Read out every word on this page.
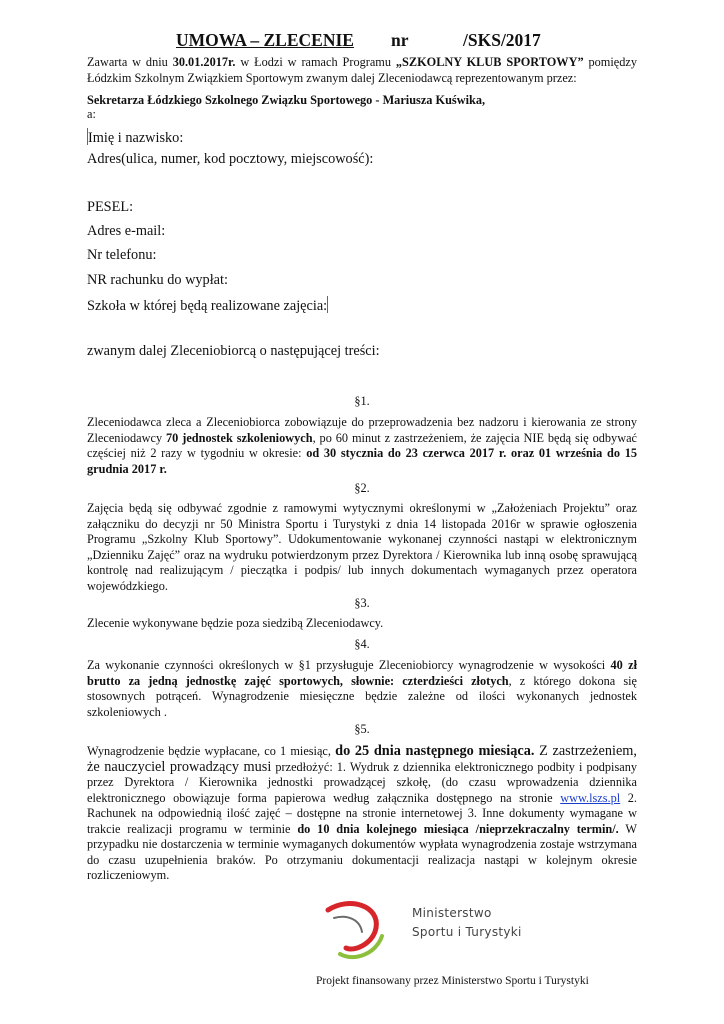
UMOWA – ZLECENIE nr	/SKS/2017

Zawarta w dniu 30.01.2017r. w Łodzi w ramach Programu „SZKOLNY KLUB SPORTOWY” pomiędzy Łódzkim Szkolnym Związkiem Sportowym zwanym dalej Zleceniodawcą reprezentowanym przez:

Sekretarza Łódzkiego Szkolnego Związku Sportowego - Mariusza Kuświka,

a:

Imię i nazwisko:
Adres(ulica, numer, kod pocztowy, miejscowość):
PESEL:
Adres e-mail:
Nr telefonu:
NR rachunku do wypłat:
Szkoła w której będą realizowane zajęcia:
zwanym dalej Zleceniobiorcą o następującej treści:
§1.

Zleceniodawca zleca a Zleceniobiorca zobowiązuje do przeprowadzenia bez nadzoru i kierowania ze strony Zleceniodawcy 70 jednostek szkoleniowych, po 60 minut z zastrzeżeniem, że zajęcia NIE będą się odbywać częściej niż 2 razy w tygodniu w okresie: od 30 stycznia do 23 czerwca 2017 r. oraz 01 września do 15 grudnia 2017 r.

§2.

Zajęcia będą się odbywać zgodnie z ramowymi wytycznymi określonymi w „Założeniach Projektu” oraz załączniku do decyzji nr 50 Ministra Sportu i Turystyki z dnia 14 listopada 2016r w sprawie ogłoszenia Programu „Szkolny Klub Sportowy”. Udokumentowanie wykonanej czynności nastąpi w elektronicznym „Dzienniku Zajęć” oraz na wydruku potwierdzonym przez Dyrektora / Kierownika lub inną osobę sprawującą kontrolę nad realizującym / pieczątka i podpis/ lub innych dokumentach wymaganych przez operatora wojewódzkiego.

§3.

Zlecenie wykonywane będzie poza siedzibą Zleceniodawcy.

§4.

Za wykonanie czynności określonych w §1 przysługuje Zleceniobiorcy wynagrodzenie w wysokości 40 zł brutto za jedną jednostkę zajęć sportowych, słownie: czterdzieści złotych, z którego dokona się stosownych potrąceń. Wynagrodzenie miesięczne będzie zależne od ilości wykonanych jednostek szkoleniowych .

§5.

Wynagrodzenie będzie wypłacane, co 1 miesiąc, do 25 dnia następnego miesiąca. Z zastrzeżeniem, że nauczyciel prowadzący musi przedłożyć: 1. Wydruk z dziennika elektronicznego podbity i podpisany przez Dyrektora / Kierownika jednostki prowadzącej szkołę, (do czasu wprowadzenia dziennika elektronicznego obowiązuje forma papierowa według załącznika dostępnego na stronie www.lszs.pl 2. Rachunek na odpowiednią ilość zajęć – dostępne na stronie internetowej 3. Inne dokumenty wymagane w trakcie realizacji programu w terminie do 10 dnia kolejnego miesiąca /nieprzekraczalny termin/. W przypadku nie dostarczenia w terminie wymaganych dokumentów wypłata wynagrodzenia zostaje wstrzymana do czasu uzupełnienia braków. Po otrzymaniu dokumentacji realizacja nastąpi w kolejnym okresie rozliczeniowym.

Ministerstwo
Sportu i Turystyki
Projekt finansowany przez Ministerstwo Sportu i Turystyki
